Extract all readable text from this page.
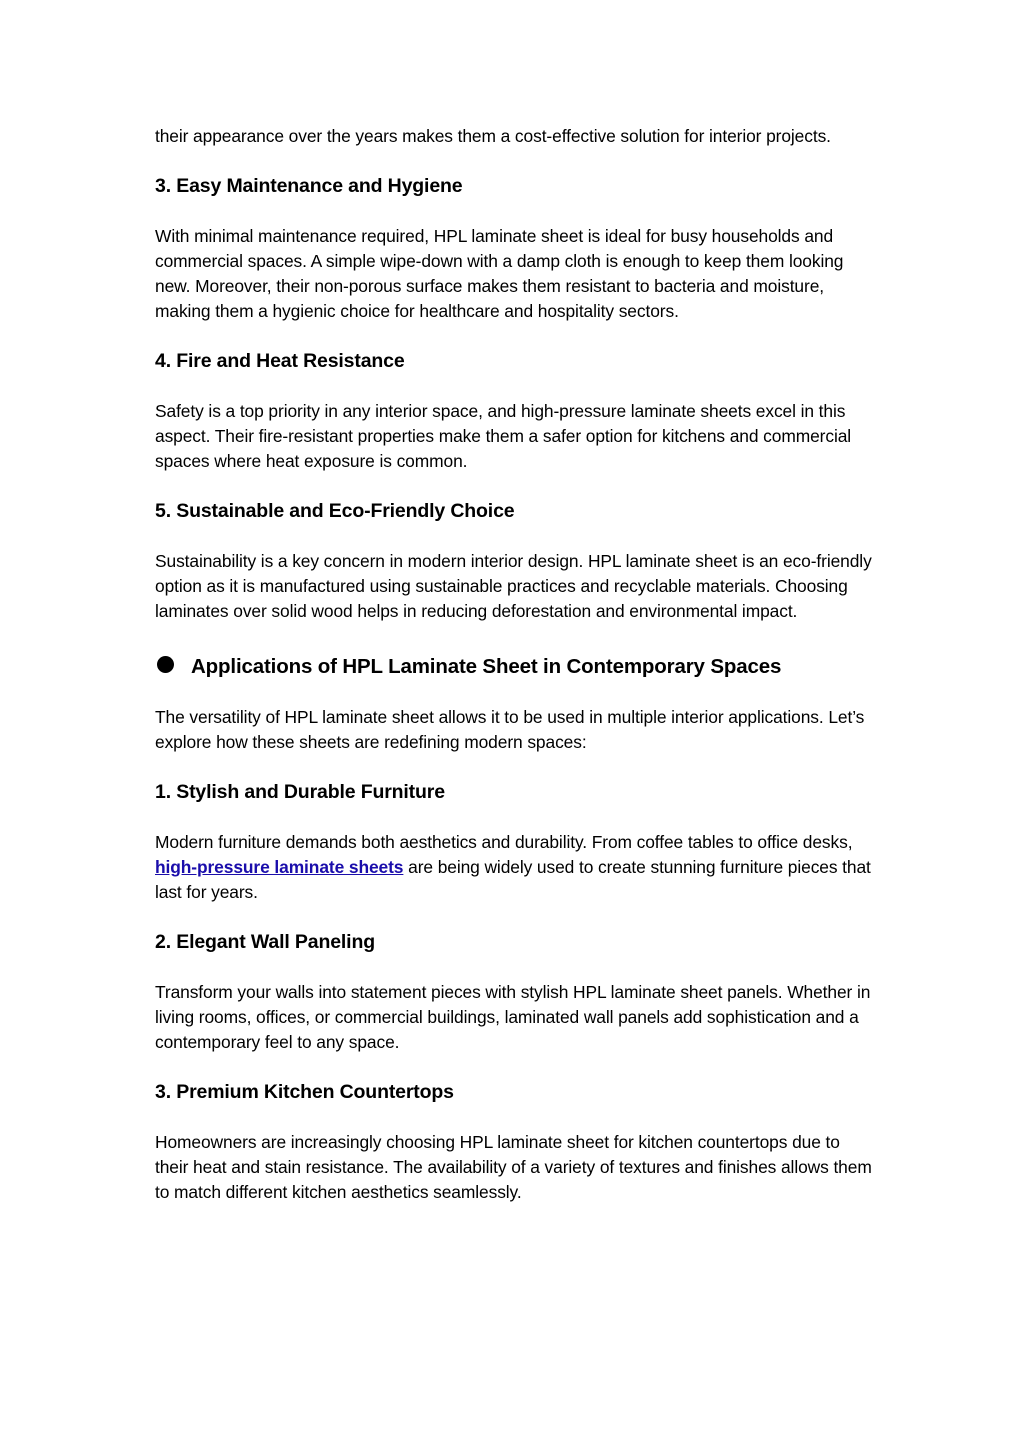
their appearance over the years makes them a cost-effective solution for interior projects.

3. Easy Maintenance and Hygiene

With minimal maintenance required, HPL laminate sheet is ideal for busy households and commercial spaces. A simple wipe-down with a damp cloth is enough to keep them looking new. Moreover, their non-porous surface makes them resistant to bacteria and moisture, making them a hygienic choice for healthcare and hospitality sectors.

4. Fire and Heat Resistance

Safety is a top priority in any interior space, and high-pressure laminate sheets excel in this aspect. Their fire-resistant properties make them a safer option for kitchens and commercial spaces where heat exposure is common.

5. Sustainable and Eco-Friendly Choice

Sustainability is a key concern in modern interior design. HPL laminate sheet is an eco-friendly option as it is manufactured using sustainable practices and recyclable materials. Choosing laminates over solid wood helps in reducing deforestation and environmental impact.

Applications of HPL Laminate Sheet in Contemporary Spaces

The versatility of HPL laminate sheet allows it to be used in multiple interior applications. Let’s explore how these sheets are redefining modern spaces:

1. Stylish and Durable Furniture

Modern furniture demands both aesthetics and durability. From coffee tables to office desks, high-pressure laminate sheets are being widely used to create stunning furniture pieces that last for years.

2. Elegant Wall Paneling

Transform your walls into statement pieces with stylish HPL laminate sheet panels. Whether in living rooms, offices, or commercial buildings, laminated wall panels add sophistication and a contemporary feel to any space.

3. Premium Kitchen Countertops

Homeowners are increasingly choosing HPL laminate sheet for kitchen countertops due to their heat and stain resistance. The availability of a variety of textures and finishes allows them to match different kitchen aesthetics seamlessly.
